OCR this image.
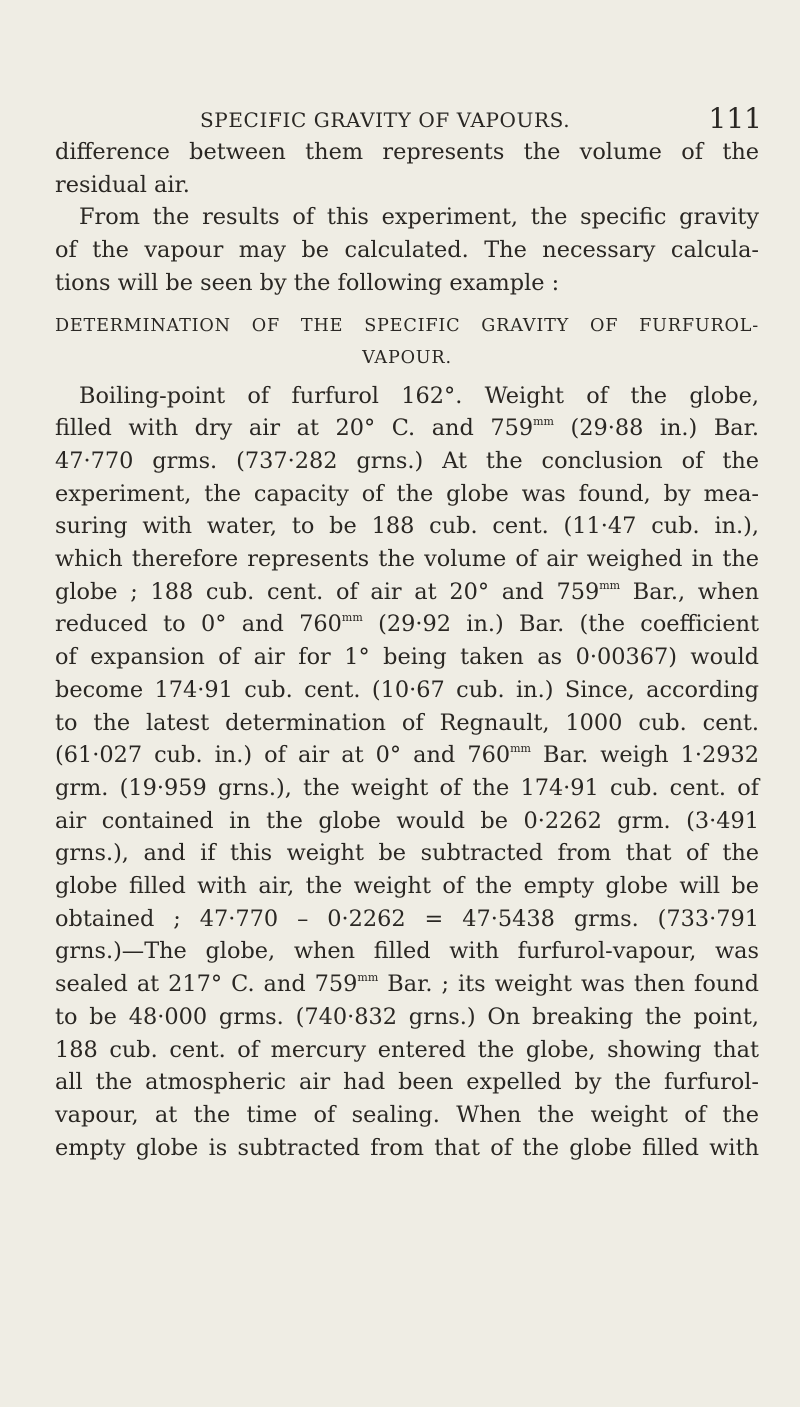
SPECIFIC GRAVITY OF VAPOURS.	111
difference between them represents the volume of the
residual air.
From the results of this experiment, the specific gravity
of the vapour may be calculated. The necessary calcula-
tions will be seen by the following example :
DETERMINATION OF THE SPECIFIC GRAVITY OF FURFUROL-
VAPOUR.
Boiling-point of furfurol 162°. Weight of the globe,
filled with dry air at 20° C. and $759^{mm}$ (29·88 in.) Bar.
47·770 grms. (737·282 grns.) At the conclusion of the
experiment, the capacity of the globe was found, by mea-
suring with water, to be 188 cub. cent. (11·47 cub. in.),
which therefore represents the volume of air weighed in the
globe ; 188 cub. cent. of air at 20° and $759^{mm}$ Bar., when
reduced to 0° and $760^{mm}$ (29·92 in.) Bar. (the coefficient
of expansion of air for 1° being taken as 0·00367) would
become 174·91 cub. cent. (10·67 cub. in.) Since, according
to the latest determination of Regnault, 1000 cub. cent.
(61·027 cub. in.) of air at 0° and $760^{mm}$ Bar. weigh 1·2932
grm. (19·959 grns.), the weight of the 174·91 cub. cent. of
air contained in the globe would be 0·2262 grm. (3·491
grns.), and if this weight be subtracted from that of the
globe filled with air, the weight of the empty globe will be
obtained ; 47·770 – 0·2262 = 47·5438 grms. (733·791
grns.)—The globe, when filled with furfurol-vapour, was
sealed at 217° C. and $759^{mm}$ Bar. ; its weight was then found
to be 48·000 grms. (740·832 grns.) On breaking the point,
188 cub. cent. of mercury entered the globe, showing that
all the atmospheric air had been expelled by the furfurol-
vapour, at the time of sealing. When the weight of the
empty globe is subtracted from that of the globe filled with
